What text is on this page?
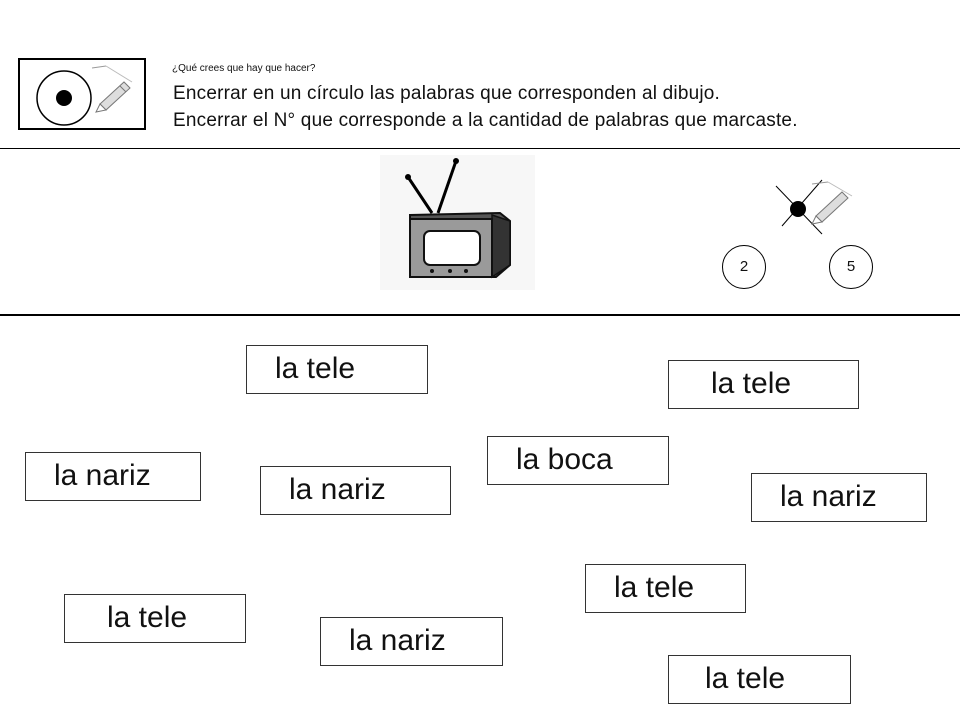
¿Qué crees que hay que hacer?
Encerrar en un círculo las palabras que corresponden al dibujo.
Encerrar el N° que corresponde a la cantidad de palabras que marcaste.
2	5
la tele	la tele
la boca
la nariz	la nariz	la nariz
la tele
la tele
la nariz
la tele
